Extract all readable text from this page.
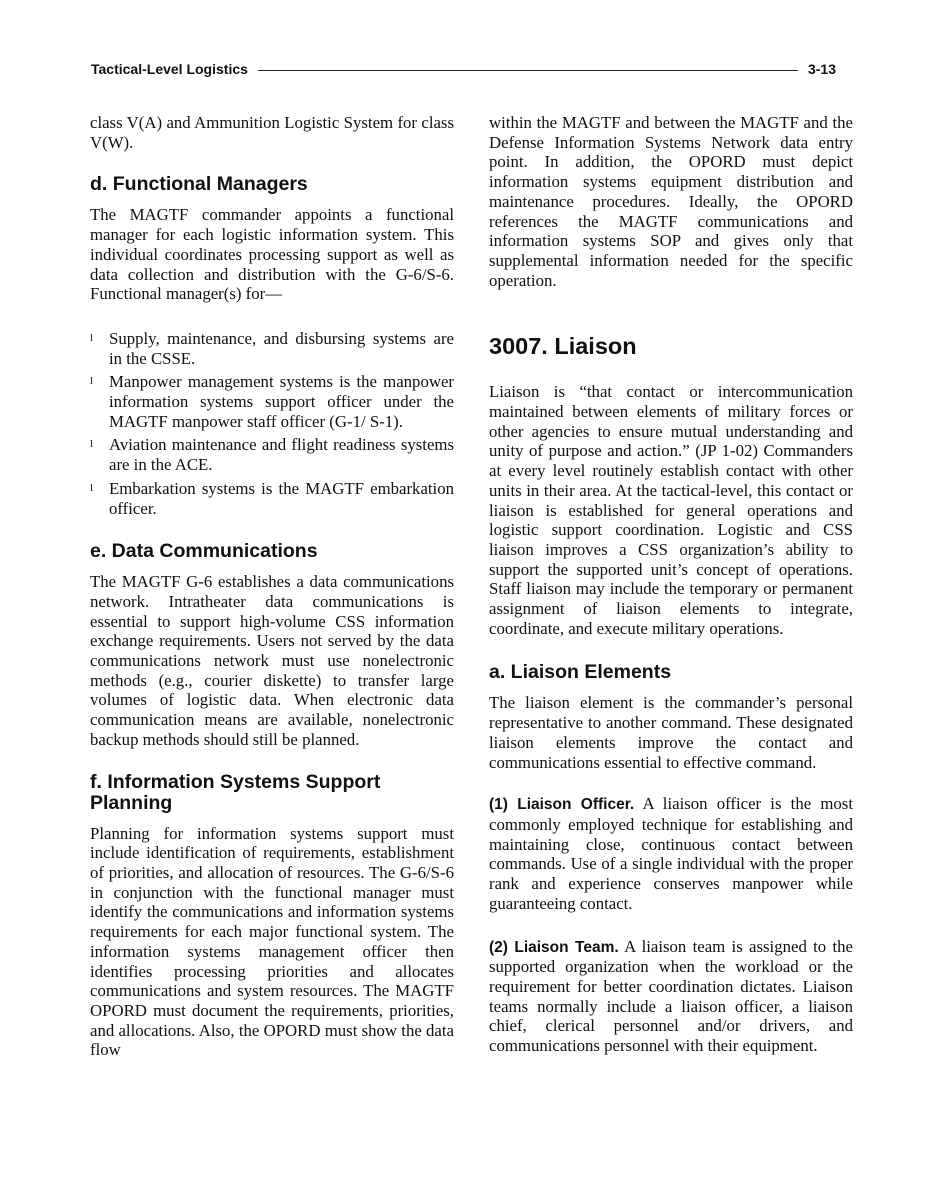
Tactical-Level Logistics	3-13

class V(A) and Ammunition Logistic System for class V(W).

d. Functional Managers

The MAGTF commander appoints a functional manager for each logistic information system. This individual coordinates processing support as well as data collection and distribution with the G-6/S-6. Functional manager(s) for—

l Supply, maintenance, and disbursing systems are in the CSSE.
l Manpower management systems is the manpower information systems support officer under the MAGTF manpower staff officer (G-1/ S-1).
l Aviation maintenance and flight readiness systems are in the ACE.
l Embarkation systems is the MAGTF embarkation officer.
e. Data Communications

The MAGTF G-6 establishes a data communications network. Intratheater data communications is essential to support high-volume CSS information exchange requirements. Users not served by the data communications network must use nonelectronic methods (e.g., courier diskette) to transfer large volumes of logistic data. When electronic data communication means are available, nonelectronic backup methods should still be planned.

f. Information Systems Support Planning

Planning for information systems support must include identification of requirements, establishment of priorities, and allocation of resources. The G-6/S-6 in conjunction with the functional manager must identify the communications and information systems requirements for each major functional system. The information systems management officer then identifies processing priorities and allocates communications and system resources. The MAGTF OPORD must document the requirements, priorities, and allocations. Also, the OPORD must show the data flow

within the MAGTF and between the MAGTF and the Defense Information Systems Network data entry point. In addition, the OPORD must depict information systems equipment distribution and maintenance procedures. Ideally, the OPORD references the MAGTF communications and information systems SOP and gives only that supplemental information needed for the specific operation.

3007. Liaison

Liaison is “that contact or intercommunication maintained between elements of military forces or other agencies to ensure mutual understanding and unity of purpose and action.” (JP 1-02) Commanders at every level routinely establish contact with other units in their area. At the tactical-level, this contact or liaison is established for general operations and logistic support coordination. Logistic and CSS liaison improves a CSS organization’s ability to support the supported unit’s concept of operations. Staff liaison may include the temporary or permanent assignment of liaison elements to integrate, coordinate, and execute military operations.

a. Liaison Elements

The liaison element is the commander’s personal representative to another command. These designated liaison elements improve the contact and communications essential to effective command.

(1) Liaison Officer. A liaison officer is the most commonly employed technique for establishing and maintaining close, continuous contact between commands. Use of a single individual with the proper rank and experience conserves manpower while guaranteeing contact.

(2) Liaison Team. A liaison team is assigned to the supported organization when the workload or the requirement for better coordination dictates. Liaison teams normally include a liaison officer, a liaison chief, clerical personnel and/or drivers, and communications personnel with their equipment.
